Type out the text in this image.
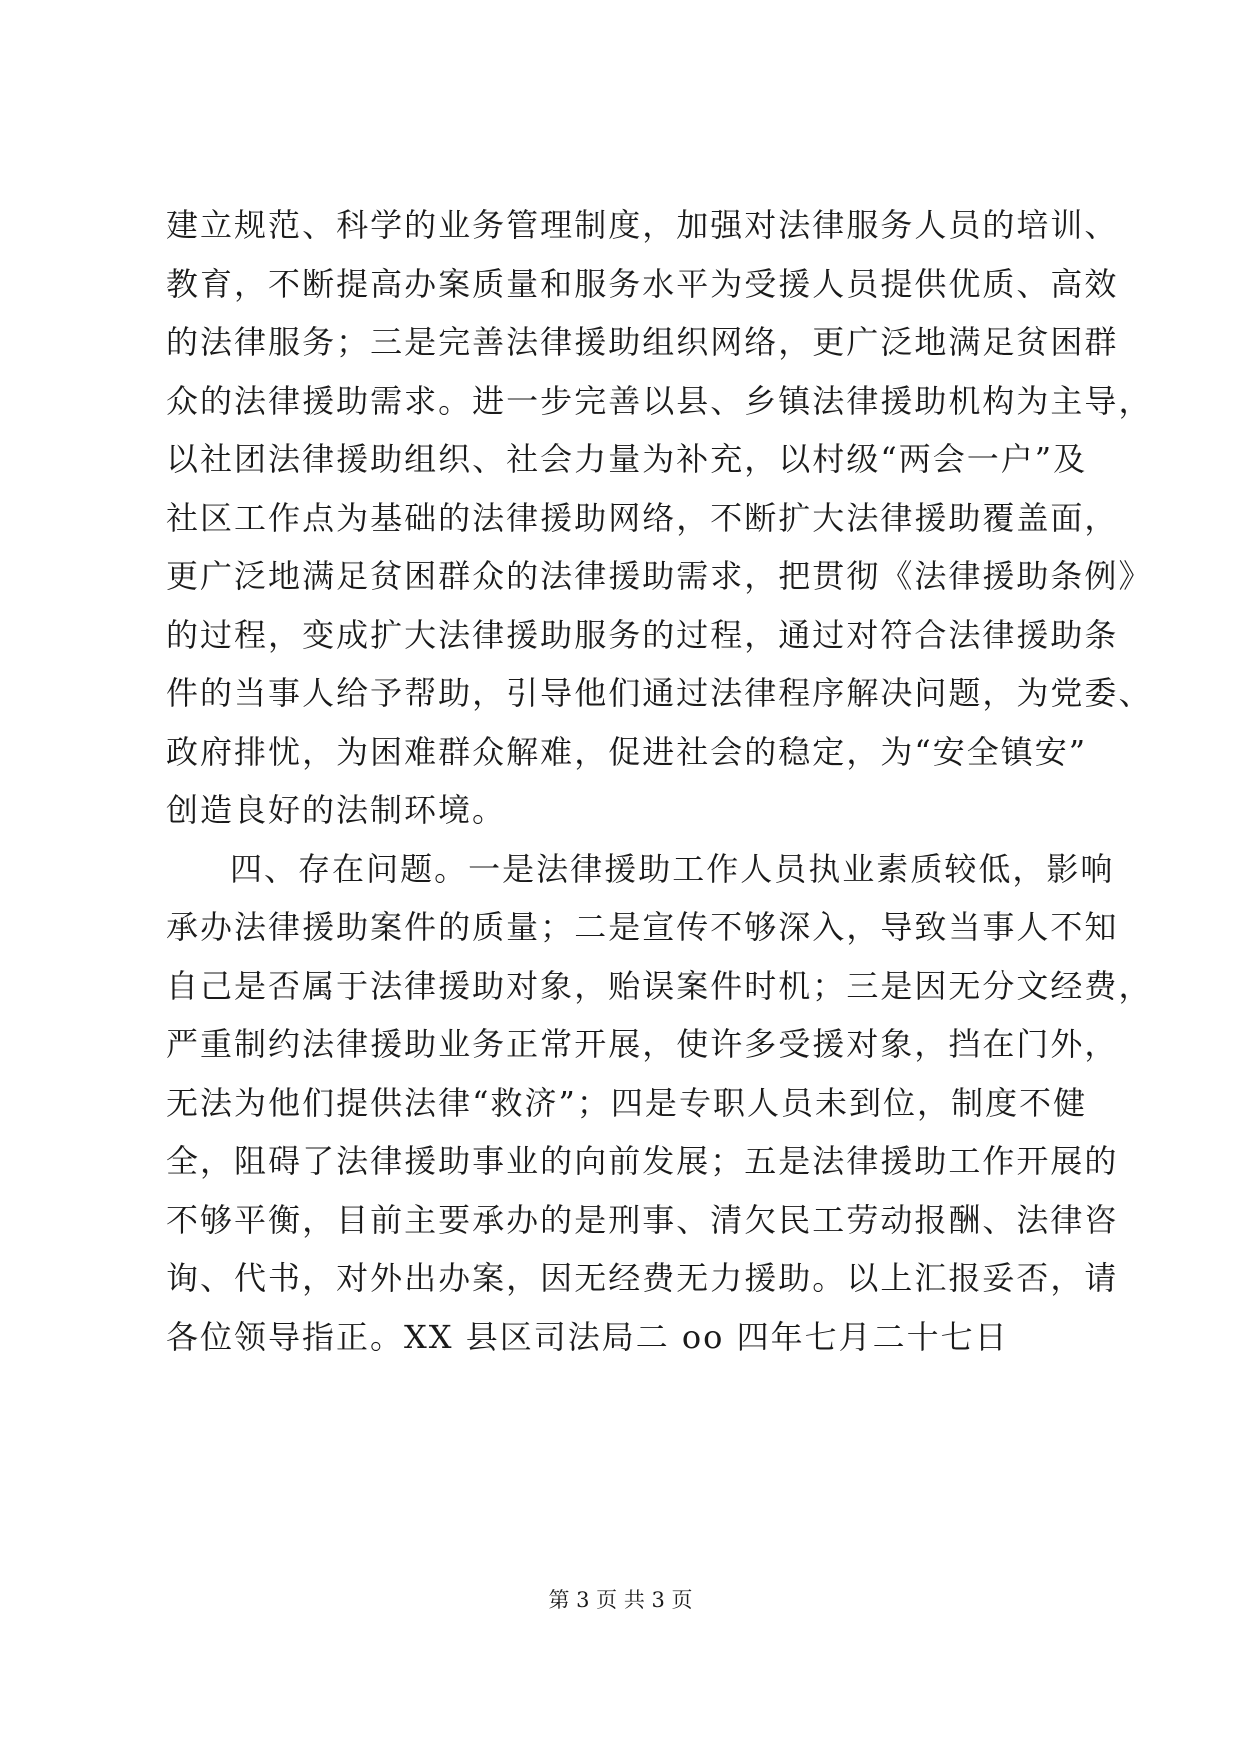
建 立 规 范 、 科 学 的 业 务 管 理 制 度 ， 加 强 对 法 律 服 务 人 员 的 培 训 、
教 育 ， 不 断 提 高 办 案 质 量 和 服 务 水 平 为 受 援 人 员 提 供 优 质 、 高 效
的 法 律 服 务 ； 三 是 完 善 法 律 援 助 组 织 网 络 ， 更 广 泛 地 满 足 贫 困 群
众 的 法 律 援 助 需 求 。 进 一 步 完 善 以 县 、 乡 镇 法 律 援 助 机 构 为 主 导 ，
以 社 团 法 律 援 助 组 织 、 社 会 力 量 为 补 充 ， 以 村 级 “ 两 会 一 户 ” 及
社 区 工 作 点 为 基 础 的 法 律 援 助 网 络 ， 不 断 扩 大 法 律 援 助 覆 盖 面 ，
更 广 泛 地 满 足 贫 困 群 众 的 法 律 援 助 需 求 ， 把 贯 彻 《 法 律 援 助 条 例 》
的 过 程 ， 变 成 扩 大 法 律 援 助 服 务 的 过 程 ， 通 过 对 符 合 法 律 援 助 条
件 的 当 事 人 给 予 帮 助 ， 引 导 他 们 通 过 法 律 程 序 解 决 问 题 ， 为 党 委 、
政 府 排 忧 ， 为 困 难 群 众 解 难 ， 促 进 社 会 的 稳 定 ， 为 “ 安 全 镇 安 ”
创造良好的法制环境。
四 、 存 在 问 题 。 一 是 法 律 援 助 工 作 人 员 执 业 素 质 较 低 ， 影 响
承 办 法 律 援 助 案 件 的 质 量 ； 二 是 宣 传 不 够 深 入 ， 导 致 当 事 人 不 知
自 己 是 否 属 于 法 律 援 助 对 象 ， 贻 误 案 件 时 机 ； 三 是 因 无 分 文 经 费 ，
严 重 制 约 法 律 援 助 业 务 正 常 开 展 ， 使 许 多 受 援 对 象 ， 挡 在 门 外 ，
无 法 为 他 们 提 供 法 律 “ 救 济 ” ； 四 是 专 职 人 员 未 到 位 ， 制 度 不 健
全 ， 阻 碍 了 法 律 援 助 事 业 的 向 前 发 展 ； 五 是 法 律 援 助 工 作 开 展 的
不 够 平 衡 ， 目 前 主 要 承 办 的 是 刑 事 、 清 欠 民 工 劳 动 报 酬 、 法 律 咨
询 、 代 书 ， 对 外 出 办 案 ， 因 无 经 费 无 力 援 助 。 以 上 汇 报 妥 否 ， 请
各位领导指正。XX 县区司法局二 oo 四年七月二十七日
第 3 页 共 3 页
